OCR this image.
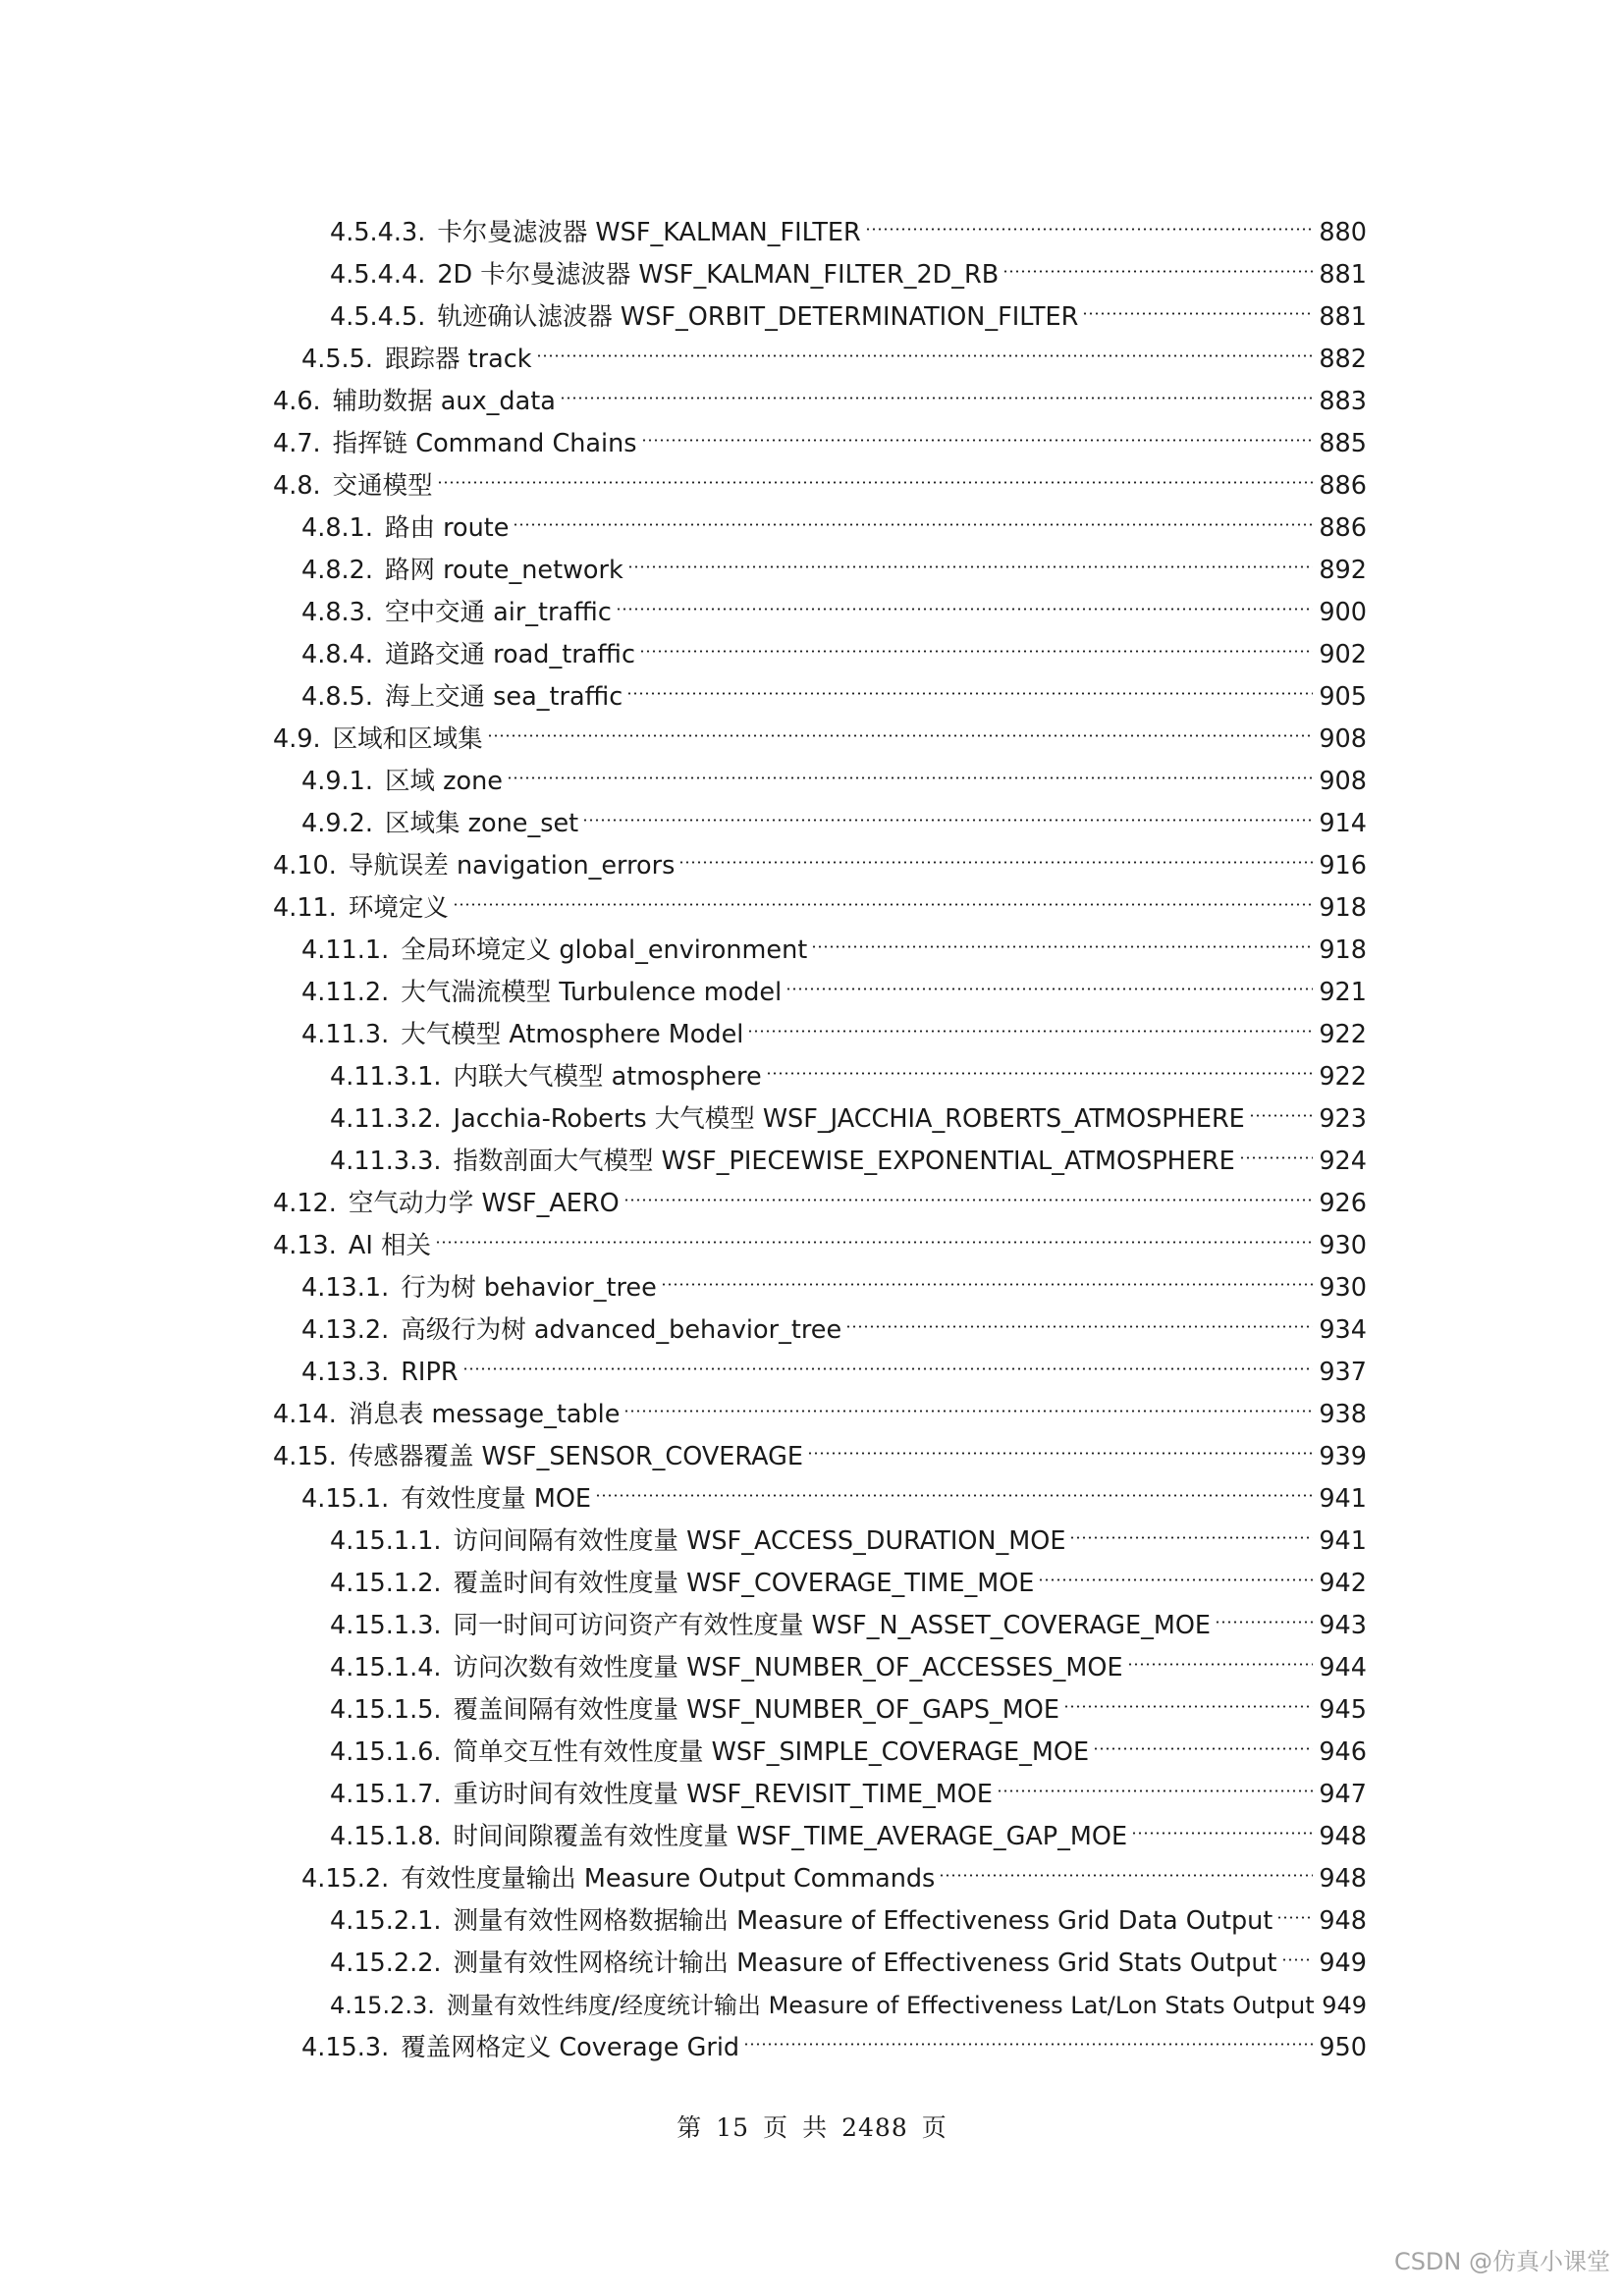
4.5.4.3. 卡尔曼滤波器 WSF_KALMAN_FILTER	880
4.5.4.4. 2D 卡尔曼滤波器 WSF_KALMAN_FILTER_2D_RB	881
4.5.4.5. 轨迹确认滤波器 WSF_ORBIT_DETERMINATION_FILTER	881
4.5.5. 跟踪器 track	882
4.6. 辅助数据 aux_data	883
4.7. 指挥链 Command Chains	885
4.8. 交通模型	886
4.8.1. 路由 route	886
4.8.2. 路网 route_network	892
4.8.3. 空中交通 air_traffic	900
4.8.4. 道路交通 road_traffic	902
4.8.5. 海上交通 sea_traffic	905
4.9. 区域和区域集	908
4.9.1. 区域 zone	908
4.9.2. 区域集 zone_set	914
4.10. 导航误差 navigation_errors	916
4.11. 环境定义	918
4.11.1. 全局环境定义 global_environment	918
4.11.2. 大气湍流模型 Turbulence model	921
4.11.3. 大气模型 Atmosphere Model	922
4.11.3.1. 内联大气模型 atmosphere	922
4.11.3.2. Jacchia-Roberts 大气模型 WSF_JACCHIA_ROBERTS_ATMOSPHERE	923
4.11.3.3. 指数剖面大气模型 WSF_PIECEWISE_EXPONENTIAL_ATMOSPHERE	924
4.12. 空气动力学 WSF_AERO	926
4.13. AI 相关	930
4.13.1. 行为树 behavior_tree	930
4.13.2. 高级行为树 advanced_behavior_tree	934
4.13.3. RIPR	937
4.14. 消息表 message_table	938
4.15. 传感器覆盖 WSF_SENSOR_COVERAGE	939
4.15.1. 有效性度量 MOE	941
4.15.1.1. 访问间隔有效性度量 WSF_ACCESS_DURATION_MOE	941
4.15.1.2. 覆盖时间有效性度量 WSF_COVERAGE_TIME_MOE	942
4.15.1.3. 同一时间可访问资产有效性度量 WSF_N_ASSET_COVERAGE_MOE	943
4.15.1.4. 访问次数有效性度量 WSF_NUMBER_OF_ACCESSES_MOE	944
4.15.1.5. 覆盖间隔有效性度量 WSF_NUMBER_OF_GAPS_MOE	945
4.15.1.6. 简单交互性有效性度量 WSF_SIMPLE_COVERAGE_MOE	946
4.15.1.7. 重访时间有效性度量 WSF_REVISIT_TIME_MOE	947
4.15.1.8. 时间间隙覆盖有效性度量 WSF_TIME_AVERAGE_GAP_MOE	948
4.15.2. 有效性度量输出 Measure Output Commands	948
4.15.2.1. 测量有效性网格数据输出 Measure of Effectiveness Grid Data Output 948
4.15.2.2. 测量有效性网格统计输出 Measure of Effectiveness Grid Stats Output 949
4.15.2.3. 测量有效性纬度/经度统计输出 Measure of Effectiveness Lat/Lon Stats Output 949
4.15.3. 覆盖网格定义 Coverage Grid	950
第 15 页 共 2488 页
CSDN @仿真小课堂
